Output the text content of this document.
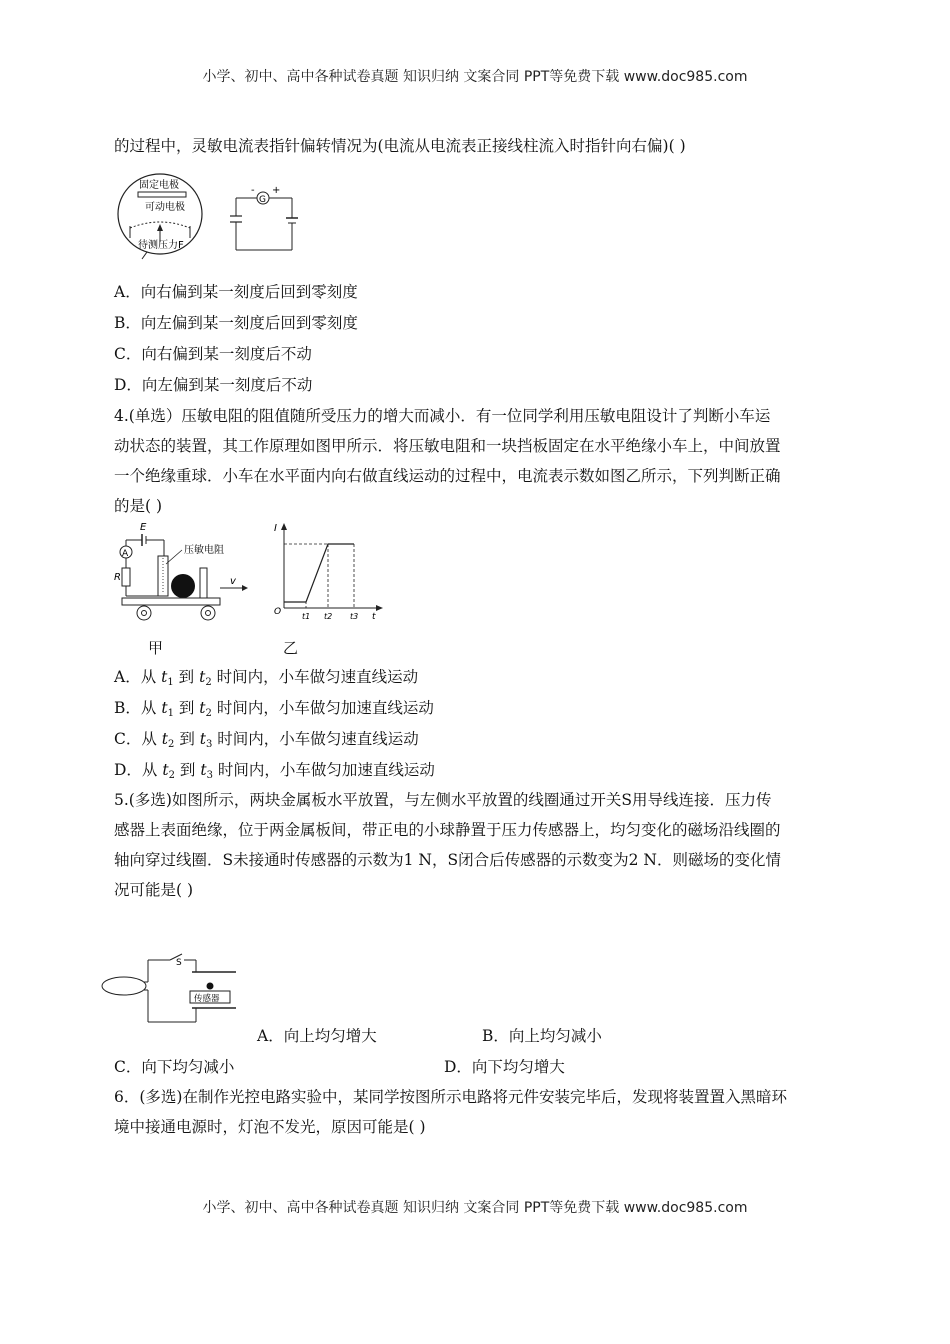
小学、初中、高中各种试卷真题 知识归纳 文案合同 PPT等免费下载 www.doc985.com
的过程中，灵敏电流表指针偏转情况为(电流从电流表正接线柱流入时指针向右偏)( )
固定电极
可动电极
待测压力F
G
- +
A．向右偏到某一刻度后回到零刻度
B．向左偏到某一刻度后回到零刻度
C．向右偏到某一刻度后不动
D．向左偏到某一刻度后不动
4.(单选）压敏电阻的阻值随所受压力的增大而减小．有一位同学利用压敏电阻设计了判断小车运
动状态的装置，其工作原理如图甲所示．将压敏电阻和一块挡板固定在水平绝缘小车上，中间放置
一个绝缘重球．小车在水平面内向右做直线运动的过程中，电流表示数如图乙所示，下列判断正确
的是( )
E
A
R
压敏电阻
v
I
t
O	t1 t2 t3
甲	乙
A．从 $t_1$ 到 $t_2$ 时间内，小车做匀速直线运动
B．从 $t_1$ 到 $t_2$ 时间内，小车做匀加速直线运动
C．从 $t_2$ 到 $t_3$ 时间内，小车做匀速直线运动
D．从 $t_2$ 到 $t_3$ 时间内，小车做匀加速直线运动
5.(多选)如图所示，两块金属板水平放置，与左侧水平放置的线圈通过开关S用导线连接．压力传
感器上表面绝缘，位于两金属板间，带正电的小球静置于压力传感器上，均匀变化的磁场沿线圈的
轴向穿过线圈．S未接通时传感器的示数为1 N，S闭合后传感器的示数变为2 N．则磁场的变化情
况可能是( )
S
传感器
A．向上均匀增大	B．向上均匀减小
C．向下均匀减小	D．向下均匀增大
6．(多选)在制作光控电路实验中，某同学按图所示电路将元件安装完毕后，发现将装置置入黑暗环
境中接通电源时，灯泡不发光，原因可能是( )
小学、初中、高中各种试卷真题 知识归纳 文案合同 PPT等免费下载 www.doc985.com
